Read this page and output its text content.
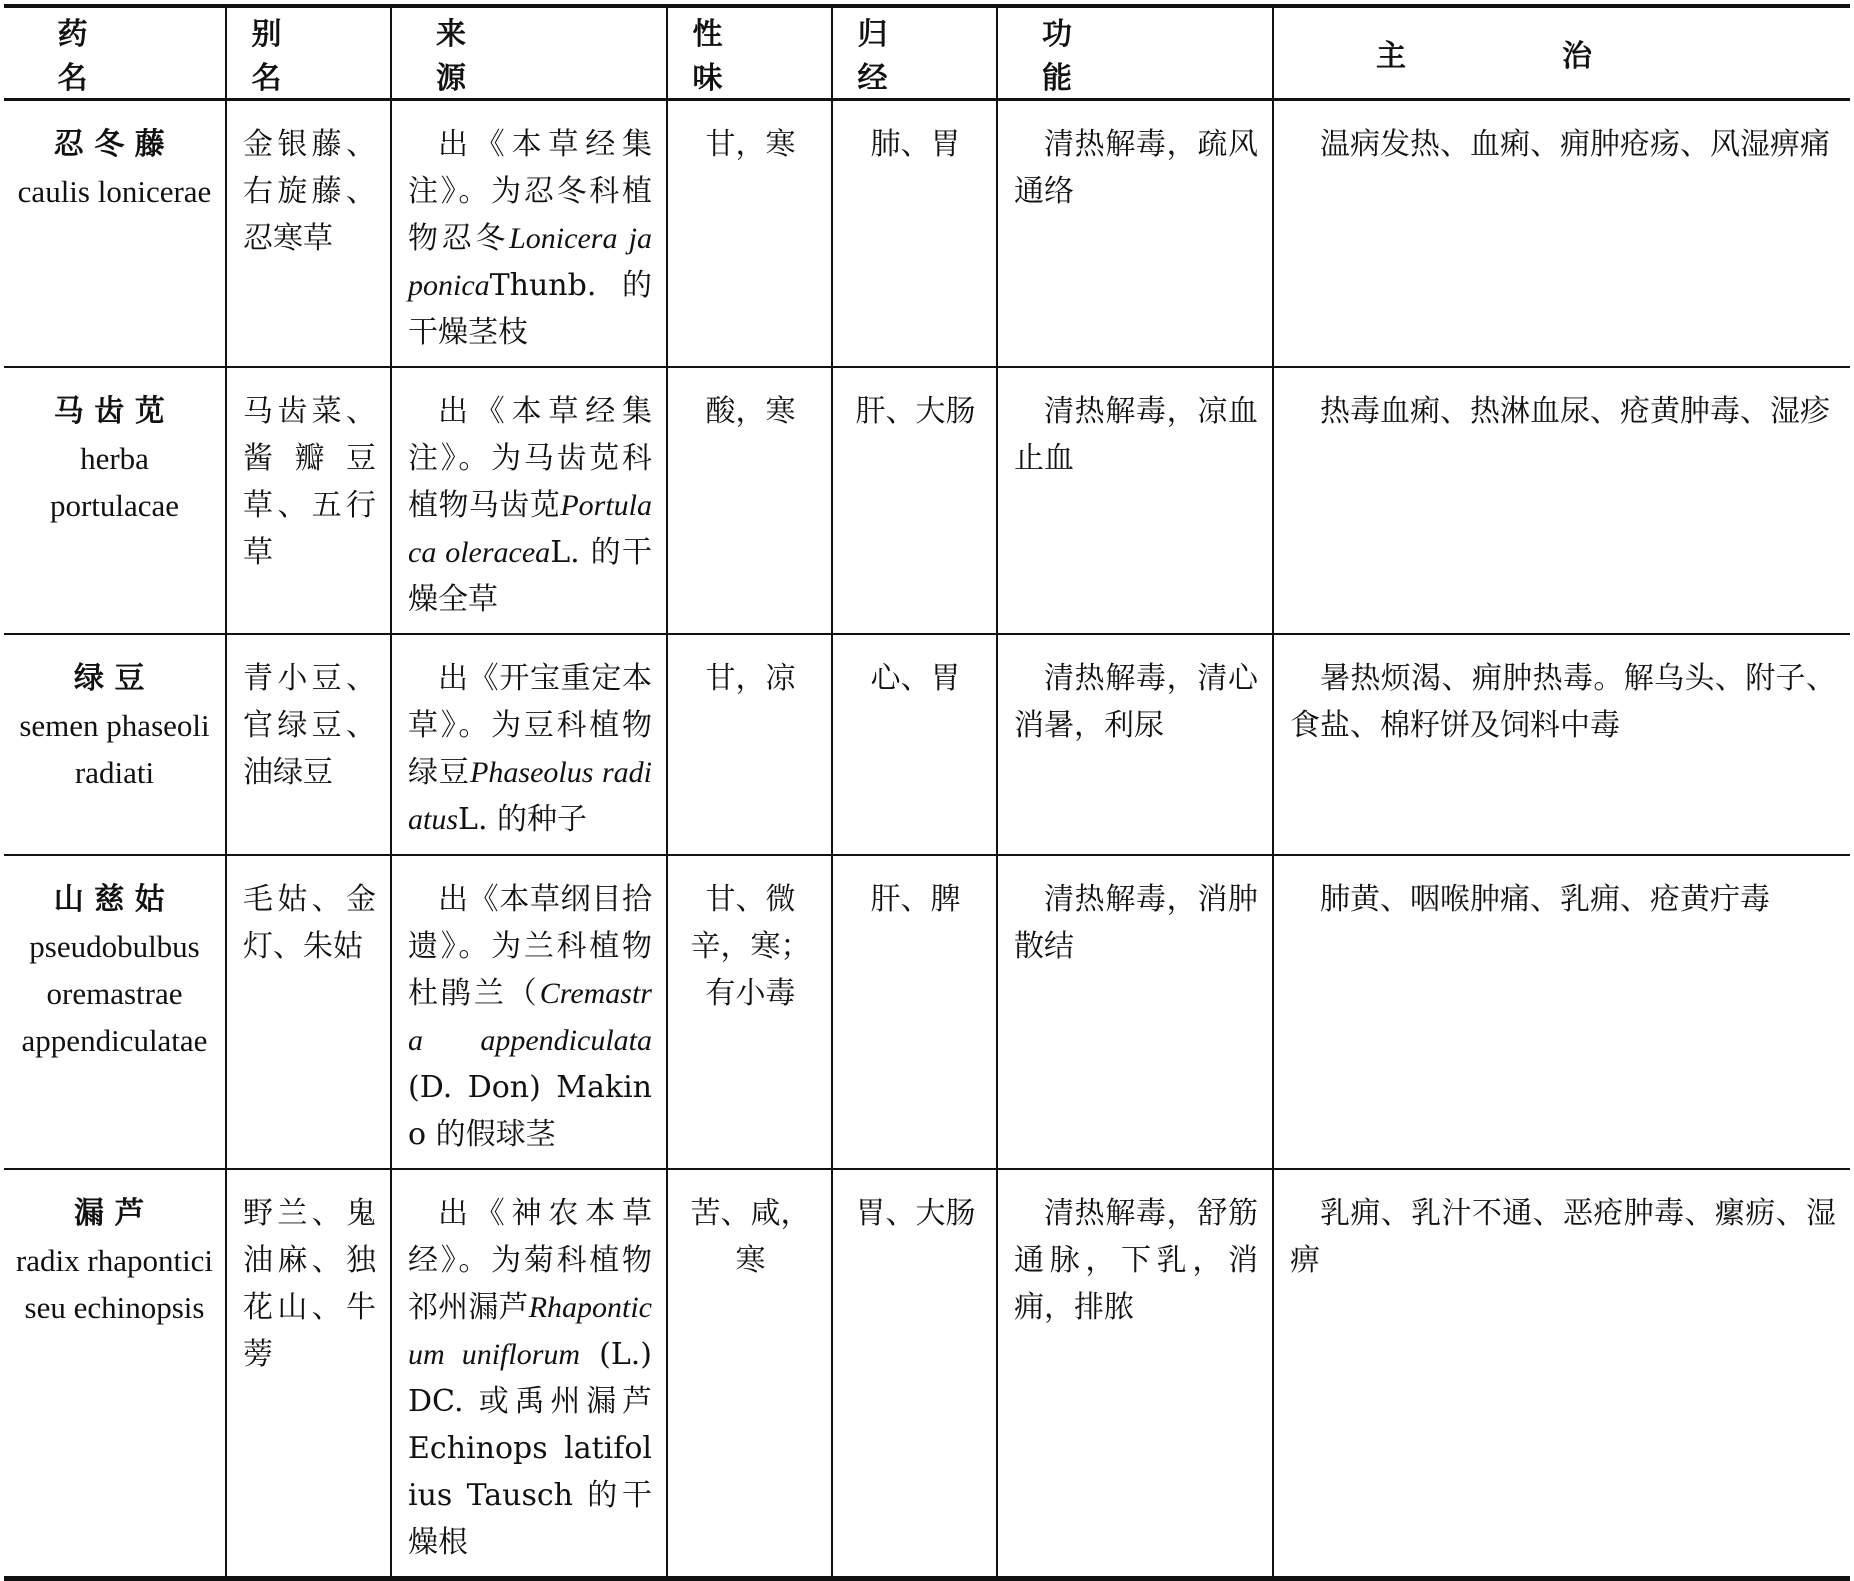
药名	别名	来源	性味	归经	功能	主治

忍冬藤
caulis lonicerae	金银藤、右旋藤、忍寒草	出《本草经集注》。为忍冬科植物忍冬Lonicera japonicaThunb. 的干燥茎枝	甘，寒	肺、胃	清热解毒，疏风通络	温病发热、血痢、痈肿疮疡、风湿痹痛

马齿苋
herba portulacae	马齿菜、酱瓣豆草、五行草	出《本草经集注》。为马齿苋科植物马齿苋Portulaca oleraceaL. 的干燥全草	酸，寒	肝、大肠	清热解毒，凉血止血	热毒血痢、热淋血尿、疮黄肿毒、湿疹

绿豆
semen phaseoli radiati	青小豆、官绿豆、油绿豆	出《开宝重定本草》。为豆科植物绿豆Phaseolus radiatusL. 的种子	甘，凉	心、胃	清热解毒，清心消暑，利尿	暑热烦渴、痈肿热毒。解乌头、附子、食盐、棉籽饼及饲料中毒

山慈姑
pseudobulbus oremastrae appendiculatae	毛姑、金灯、朱姑	出《本草纲目拾遗》。为兰科植物杜鹃兰（Cremastra appendiculata (D. Don) Makino 的假球茎	甘、微辛，寒；有小毒	肝、脾	清热解毒，消肿散结	肺黄、咽喉肿痛、乳痈、疮黄疔毒

漏芦
radix rhapontici seu echinopsis	野兰、鬼油麻、独花山、牛蒡	出《神农本草经》。为菊科植物祁州漏芦Rhaponticum uniflorum (L.) DC. 或禹州漏芦 Echinops latifolius Tausch 的干燥根	苦、咸，寒	胃、大肠	清热解毒，舒筋通脉，下乳，消痈，排脓	乳痈、乳汁不通、恶疮肿毒、瘰疬、湿痹
